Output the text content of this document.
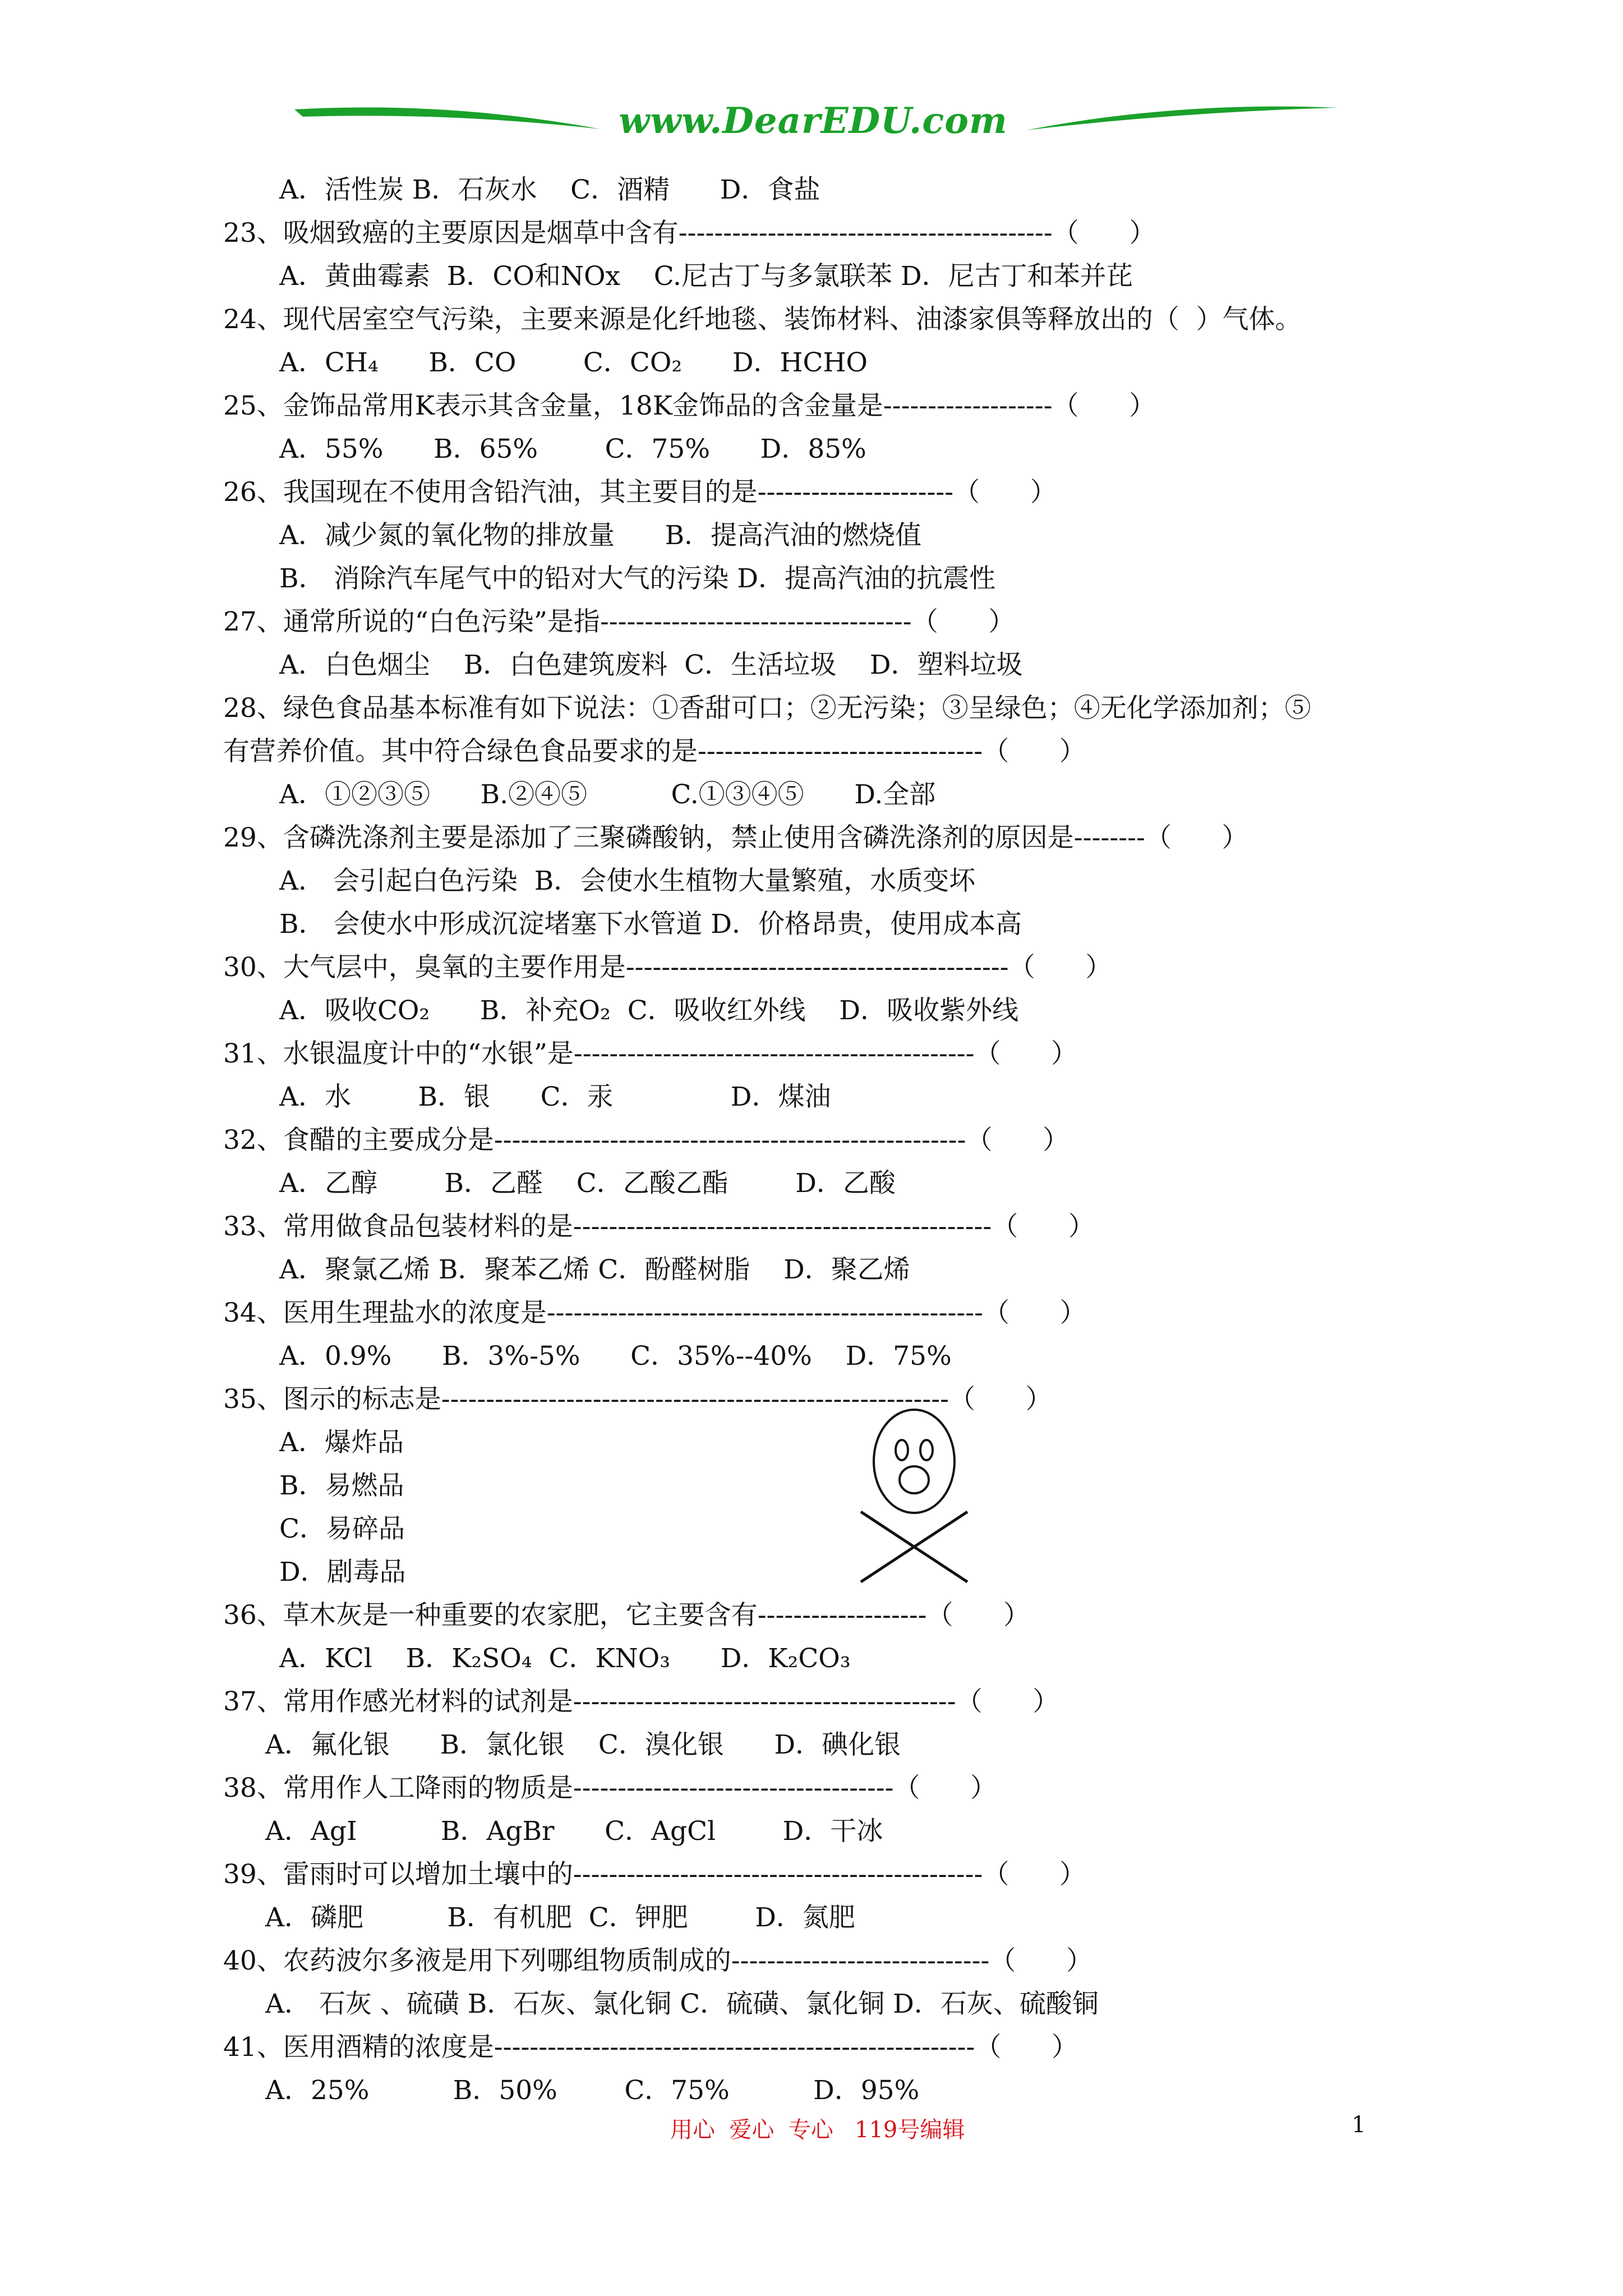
www.DearEDU.com
A．活性炭 B．石灰水    C．酒精      D．食盐
23、吸烟致癌的主要原因是烟草中含有------------------------------------------（      ）
A．黄曲霉素  B．CO和NOx    C.尼古丁与多氯联苯 D．尼古丁和苯并芘
24、现代居室空气污染，主要来源是化纤地毯、装饰材料、油漆家俱等释放出的（  ）气体。
A．CH₄      B．CO        C．CO₂      D．HCHO
25、金饰品常用K表示其含金量，18K金饰品的含金量是-------------------（      ）
A．55%      B．65%        C．75%      D．85%
26、我国现在不使用含铅汽油，其主要目的是----------------------（      ）
A．减少氮的氧化物的排放量      B．提高汽油的燃烧值
B． 消除汽车尾气中的铅对大气的污染 D．提高汽油的抗震性
27、通常所说的“白色污染”是指-----------------------------------（      ）
A．白色烟尘    B．白色建筑废料  C．生活垃圾    D．塑料垃圾
28、绿色食品基本标准有如下说法：①香甜可口；②无污染；③呈绿色；④无化学添加剂；⑤
有营养价值。其中符合绿色食品要求的是--------------------------------（      ）
A．①②③⑤      B.②④⑤          C.①③④⑤      D.全部
29、含磷洗涤剂主要是添加了三聚磷酸钠，禁止使用含磷洗涤剂的原因是--------（      ）
A． 会引起白色污染  B．会使水生植物大量繁殖，水质变坏
B． 会使水中形成沉淀堵塞下水管道 D．价格昂贵，使用成本高
30、大气层中，臭氧的主要作用是-------------------------------------------（      ）
A．吸收CO₂      B．补充O₂  C．吸收红外线    D．吸收紫外线
31、水银温度计中的“水银”是---------------------------------------------（      ）
A．水        B．银      C．汞              D．煤油
32、食醋的主要成分是-----------------------------------------------------（      ）
A．乙醇        B．乙醛    C．乙酸乙酯        D．乙酸
33、常用做食品包装材料的是-----------------------------------------------（      ）
A．聚氯乙烯 B．聚苯乙烯 C．酚醛树脂    D．聚乙烯
34、医用生理盐水的浓度是-------------------------------------------------（      ）
A．0.9%      B．3%-5%      C．35%--40%    D．75%
35、图示的标志是---------------------------------------------------------（      ）
A．爆炸品
B．易燃品
C．易碎品
D．剧毒品
36、草木灰是一种重要的农家肥，它主要含有-------------------（      ）
A．KCl    B．K₂SO₄  C．KNO₃      D．K₂CO₃
37、常用作感光材料的试剂是-------------------------------------------（      ）
A．氟化银      B．氯化银    C．溴化银      D．碘化银
38、常用作人工降雨的物质是------------------------------------（      ）
A．AgI          B．AgBr      C．AgCl        D．干冰
39、雷雨时可以增加土壤中的----------------------------------------------（      ）
A．磷肥          B．有机肥  C．钾肥        D．氮肥
40、农药波尔多液是用下列哪组物质制成的-----------------------------（      ）
A． 石灰 、硫磺 B．石灰、氯化铜 C．硫磺、氯化铜 D．石灰、硫酸铜
41、医用酒精的浓度是------------------------------------------------------（      ）
A．25%          B．50%        C．75%          D．95%
用心  爱心  专心   119号编辑	1
